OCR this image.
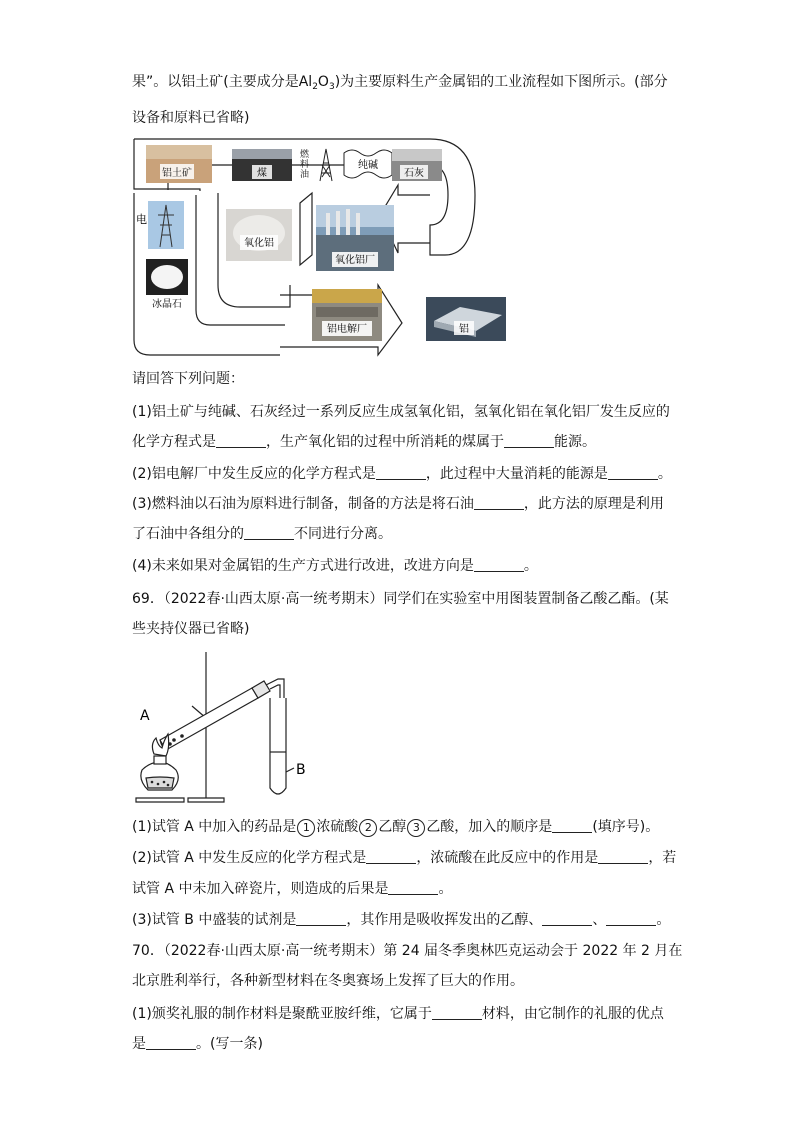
果”。以铝土矿(主要成分是$Al_2O_3$)为主要原料生产金属铝的工业流程如下图所示。(部分
设备和原料已省略)
铝土矿	煤
燃料油
纯碱
石灰
电
氧化铝
氧化铝厂
冰晶石
铝电解厂	铝
请回答下列问题：
(1)铝土矿与纯碱、石灰经过一系列反应生成氢氧化铝，氢氧化铝在氧化铝厂发生反应的
化学方程式是	，生产氧化铝的过程中所消耗的煤属于	能源。
(2)铝电解厂中发生反应的化学方程式是	，此过程中大量消耗的能源是	。
(3)燃料油以石油为原料进行制备，制备的方法是将石油	，此方法的原理是利用
了石油中各组分的	不同进行分离。
(4)未来如果对金属铝的生产方式进行改进，改进方向是	。
69．（2022春·山西太原·高一统考期末）同学们在实验室中用图装置制备乙酸乙酯。(某
些夹持仪器已省略)
A
B
(1)试管 A 中加入的药品是 1 浓硫酸 2 乙醇 3 乙酸，加入的顺序是	(填序号)。
(2)试管 A 中发生反应的化学方程式是	，浓硫酸在此反应中的作用是	，若
试管 A 中未加入碎瓷片，则造成的后果是	。
(3)试管 B 中盛装的试剂是	，其作用是吸收挥发出的乙醇、	、	。
70．（2022春·山西太原·高一统考期末）第 24 届冬季奥林匹克运动会于 2022 年 2 月在
北京胜利举行，各种新型材料在冬奥赛场上发挥了巨大的作用。
(1)颁奖礼服的制作材料是聚酰亚胺纤维，它属于	材料，由它制作的礼服的优点
是	。(写一条)
